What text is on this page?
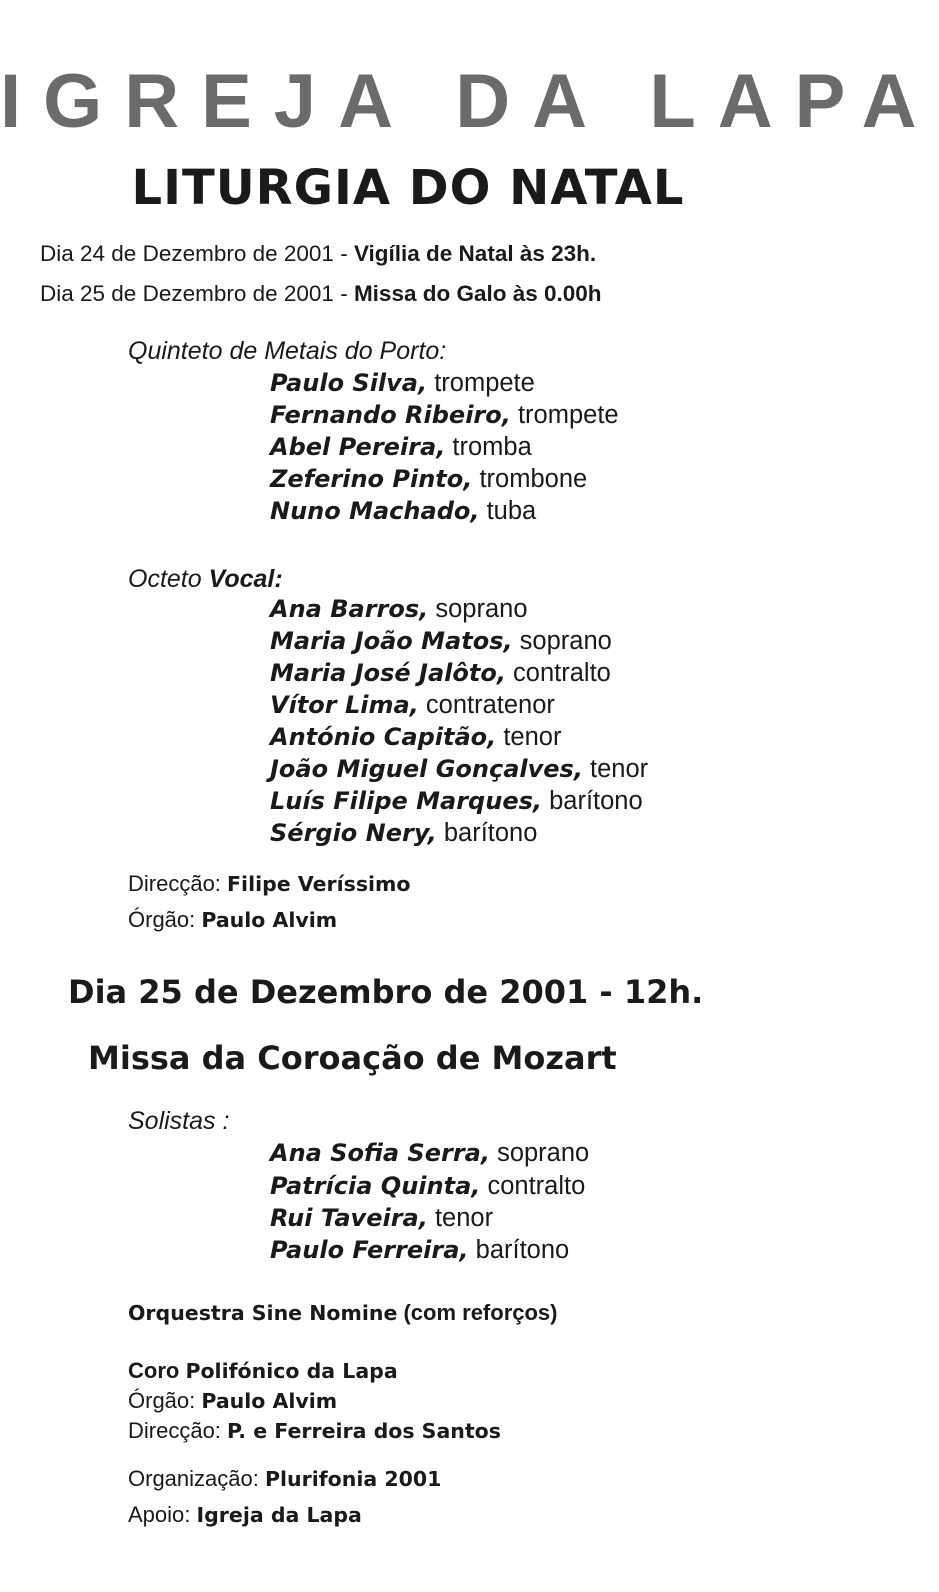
IGREJA DA LAPA
LITURGIA DO NATAL
Dia 24 de Dezembro de 2001 - Vigília de Natal às 23h.
Dia 25 de Dezembro de 2001 - Missa do Galo às 0.00h
Quinteto de Metais do Porto:
Paulo Silva, trompete
Fernando Ribeiro, trompete
Abel Pereira, tromba
Zeferino Pinto, trombone
Nuno Machado, tuba
Octeto Vocal:
Ana Barros, soprano
Maria João Matos, soprano
Maria José Jalôto, contralto
Vítor Lima, contratenor
António Capitão, tenor
João Miguel Gonçalves, tenor
Luís Filipe Marques, barítono
Sérgio Nery, barítono
Direcção: Filipe Veríssimo
Órgão: Paulo Alvim
Dia 25 de Dezembro de 2001 - 12h.
Missa da Coroação de Mozart
Solistas :
Ana Sofia Serra, soprano
Patrícia Quinta, contralto
Rui Taveira, tenor
Paulo Ferreira, barítono
Orquestra Sine Nomine (com reforços)
Coro Polifónico da Lapa
Órgão: Paulo Alvim
Direcção: P. e Ferreira dos Santos
Organização: Plurifonia 2001
Apoio: Igreja da Lapa
